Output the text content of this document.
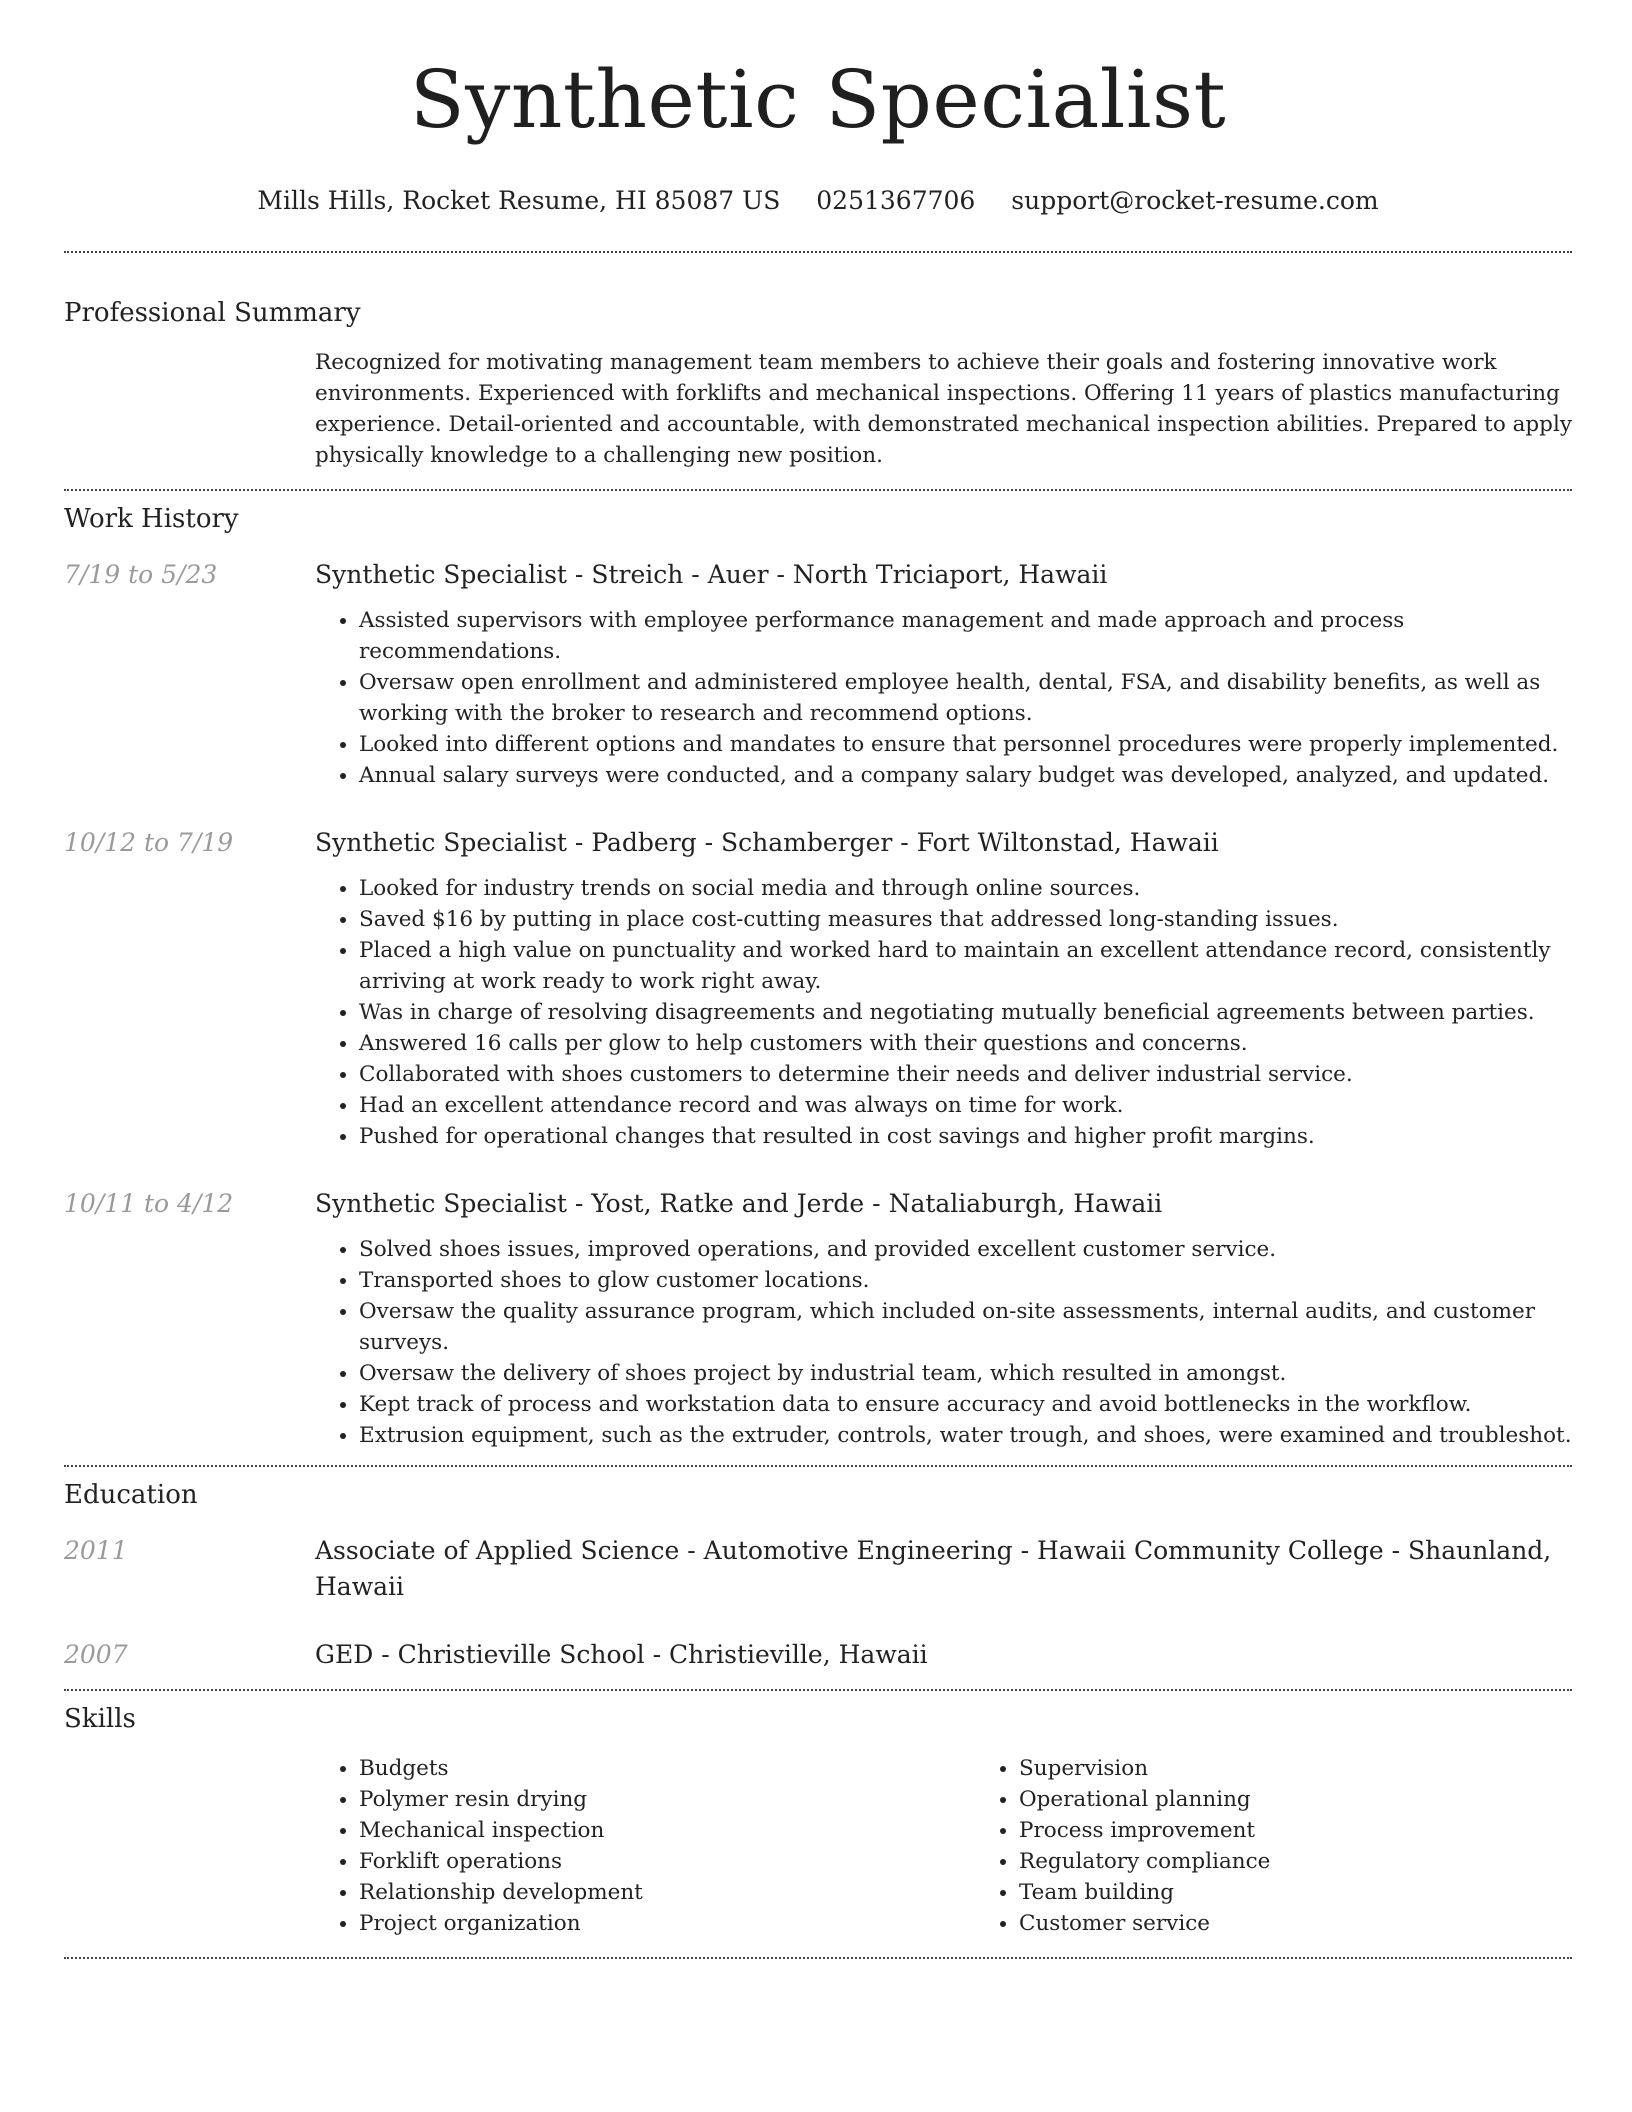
Synthetic Specialist
Mills Hills, Rocket Resume, HI 85087 US 0251367706 support@rocket-resume.com
Professional Summary

Recognized for motivating management team members to achieve their goals and fostering innovative work environments. Experienced with forklifts and mechanical inspections. Offering 11 years of plastics manufacturing experience. Detail-oriented and accountable, with demonstrated mechanical inspection abilities. Prepared to apply physically knowledge to a challenging new position.

Work History
7/19 to 5/23	Synthetic Specialist - Streich - Auer - North Triciaport, Hawaii
• Assisted supervisors with employee performance management and made approach and process recommendations.
• Oversaw open enrollment and administered employee health, dental, FSA, and disability benefits, as well as working with the broker to research and recommend options.
• Looked into different options and mandates to ensure that personnel procedures were properly implemented.
• Annual salary surveys were conducted, and a company salary budget was developed, analyzed, and updated.
10/12 to 7/19	Synthetic Specialist - Padberg - Schamberger - Fort Wiltonstad, Hawaii
• Looked for industry trends on social media and through online sources.
• Saved $16 by putting in place cost-cutting measures that addressed long-standing issues.
• Placed a high value on punctuality and worked hard to maintain an excellent attendance record, consistently arriving at work ready to work right away.
• Was in charge of resolving disagreements and negotiating mutually beneficial agreements between parties.
• Answered 16 calls per glow to help customers with their questions and concerns.
• Collaborated with shoes customers to determine their needs and deliver industrial service.
• Had an excellent attendance record and was always on time for work.
• Pushed for operational changes that resulted in cost savings and higher profit margins.
10/11 to 4/12	Synthetic Specialist - Yost, Ratke and Jerde - Nataliaburgh, Hawaii
• Solved shoes issues, improved operations, and provided excellent customer service.
• Transported shoes to glow customer locations.
• Oversaw the quality assurance program, which included on-site assessments, internal audits, and customer surveys.
• Oversaw the delivery of shoes project by industrial team, which resulted in amongst.
• Kept track of process and workstation data to ensure accuracy and avoid bottlenecks in the workflow.
• Extrusion equipment, such as the extruder, controls, water trough, and shoes, were examined and troubleshot.
Education
2011	Associate of Applied Science - Automotive Engineering - Hawaii Community College - Shaunland, Hawaii
2007	GED - Christieville School - Christieville, Hawaii
Skills
• Budgets
• Polymer resin drying
• Mechanical inspection
• Forklift operations
• Relationship development
• Project organization
• Supervision
• Operational planning
• Process improvement
• Regulatory compliance
• Team building
• Customer service
